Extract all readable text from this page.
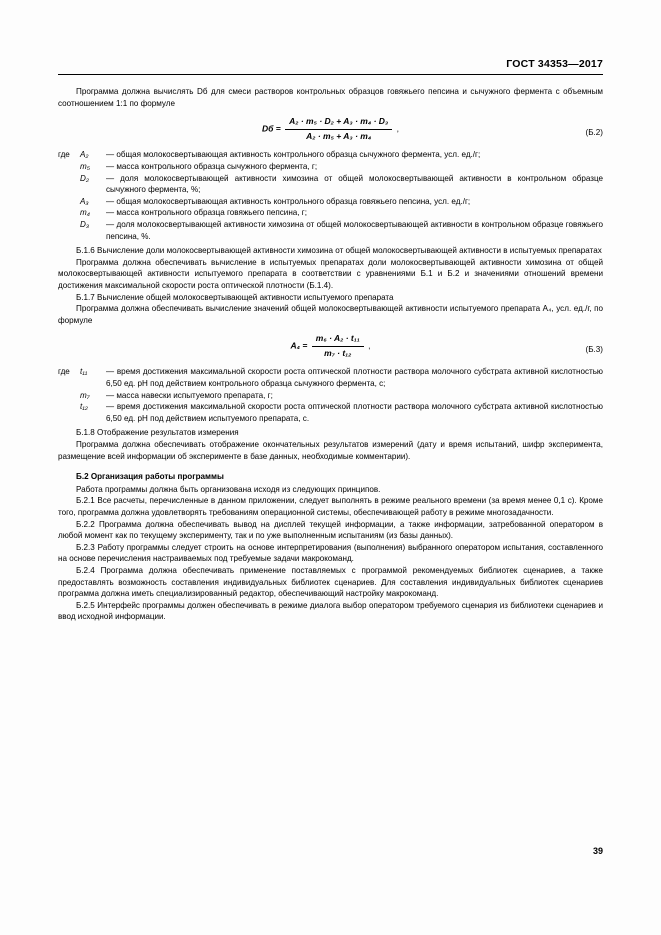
ГОСТ 34353—2017

Программа должна вычислять Dб для смеси растворов контрольных образцов говяжьего пепсина и сычужного фермента с объемным соотношением 1:1 по формуле

Dб = $\frac{\text{A₂ · m₅ · D₂ + A₃ · m₄ · D₃}}{\text{A₂ · m₅ + A₃ · m₄}}$ ,	(Б.2)
где	A₂	— общая молокосвертывающая активность контрольного образца сычужного фермента, усл. ед./г;
m₅	— масса контрольного образца сычужного фермента, г;
D₂	— доля молокосвертывающей активности химозина от общей молокосвертывающей активности в контрольном образце сычужного фермента, %;
A₃	— общая молокосвертывающая активность контрольного образца говяжьего пепсина, усл. ед./г;
m₄	— масса контрольного образца говяжьего пепсина, г;
D₃	— доля молокосвертывающей активности химозина от общей молокосвертывающей активности в контрольном образце говяжьего пепсина, %.

Б.1.6 Вычисление доли молокосвертывающей активности химозина от общей молокосвертывающей активности в испытуемых препаратах

Программа должна обеспечивать вычисление в испытуемых препаратах доли молокосвертывающей активности химозина от общей молокосвертывающей активности испытуемого препарата в соответствии с уравнениями Б.1 и Б.2 и значениями отношений времени достижения максимальной скорости роста оптической плотности (Б.1.4).

Б.1.7 Вычисление общей молокосвертывающей активности испытуемого препарата

Программа должна обеспечивать вычисление значений общей молокосвертывающей активности испытуемого препарата A₄, усл. ед./г, по формуле

$A_4 = \frac{\text{m₆ · A₂ · t₁₁}}{\text{m₇ · t₁₂}}$ ,	(Б.3)
где	t₁₁	— время достижения максимальной скорости роста оптической плотности раствора молочного субстрата активной кислотностью 6,50 ед. рН под действием контрольного образца сычужного фермента, с;
m₇	— масса навески испытуемого препарата, г;
t₁₂	— время достижения максимальной скорости роста оптической плотности раствора молочного субстрата активной кислотностью 6,50 ед. рН под действием испытуемого препарата, с.

Б.1.8 Отображение результатов измерения

Программа должна обеспечивать отображение окончательных результатов измерений (дату и время испытаний, шифр эксперимента, размещение всей информации об эксперименте в базе данных, необходимые комментарии).

Б.2 Организация работы программы

Работа программы должна быть организована исходя из следующих принципов.

Б.2.1 Все расчеты, перечисленные в данном приложении, следует выполнять в режиме реального времени (за время менее 0,1 с). Кроме того, программа должна удовлетворять требованиям операционной системы, обеспечивающей работу в режиме многозадачности.

Б.2.2 Программа должна обеспечивать вывод на дисплей текущей информации, а также информации, затребованной оператором в любой момент как по текущему эксперименту, так и по уже выполненным испытаниям (из базы данных).

Б.2.3 Работу программы следует строить на основе интерпретирования (выполнения) выбранного оператором испытания, составленного на основе перечисления настраиваемых под требуемые задачи макрокоманд.

Б.2.4 Программа должна обеспечивать применение поставляемых с программой рекомендуемых библиотек сценариев, а также предоставлять возможность составления индивидуальных библиотек сценариев. Для составления индивидуальных библиотек сценариев программа должна иметь специализированный редактор, обеспечивающий настройку макрокоманд.

Б.2.5 Интерфейс программы должен обеспечивать в режиме диалога выбор оператором требуемого сценария из библиотеки сценариев и ввод исходной информации.

39
